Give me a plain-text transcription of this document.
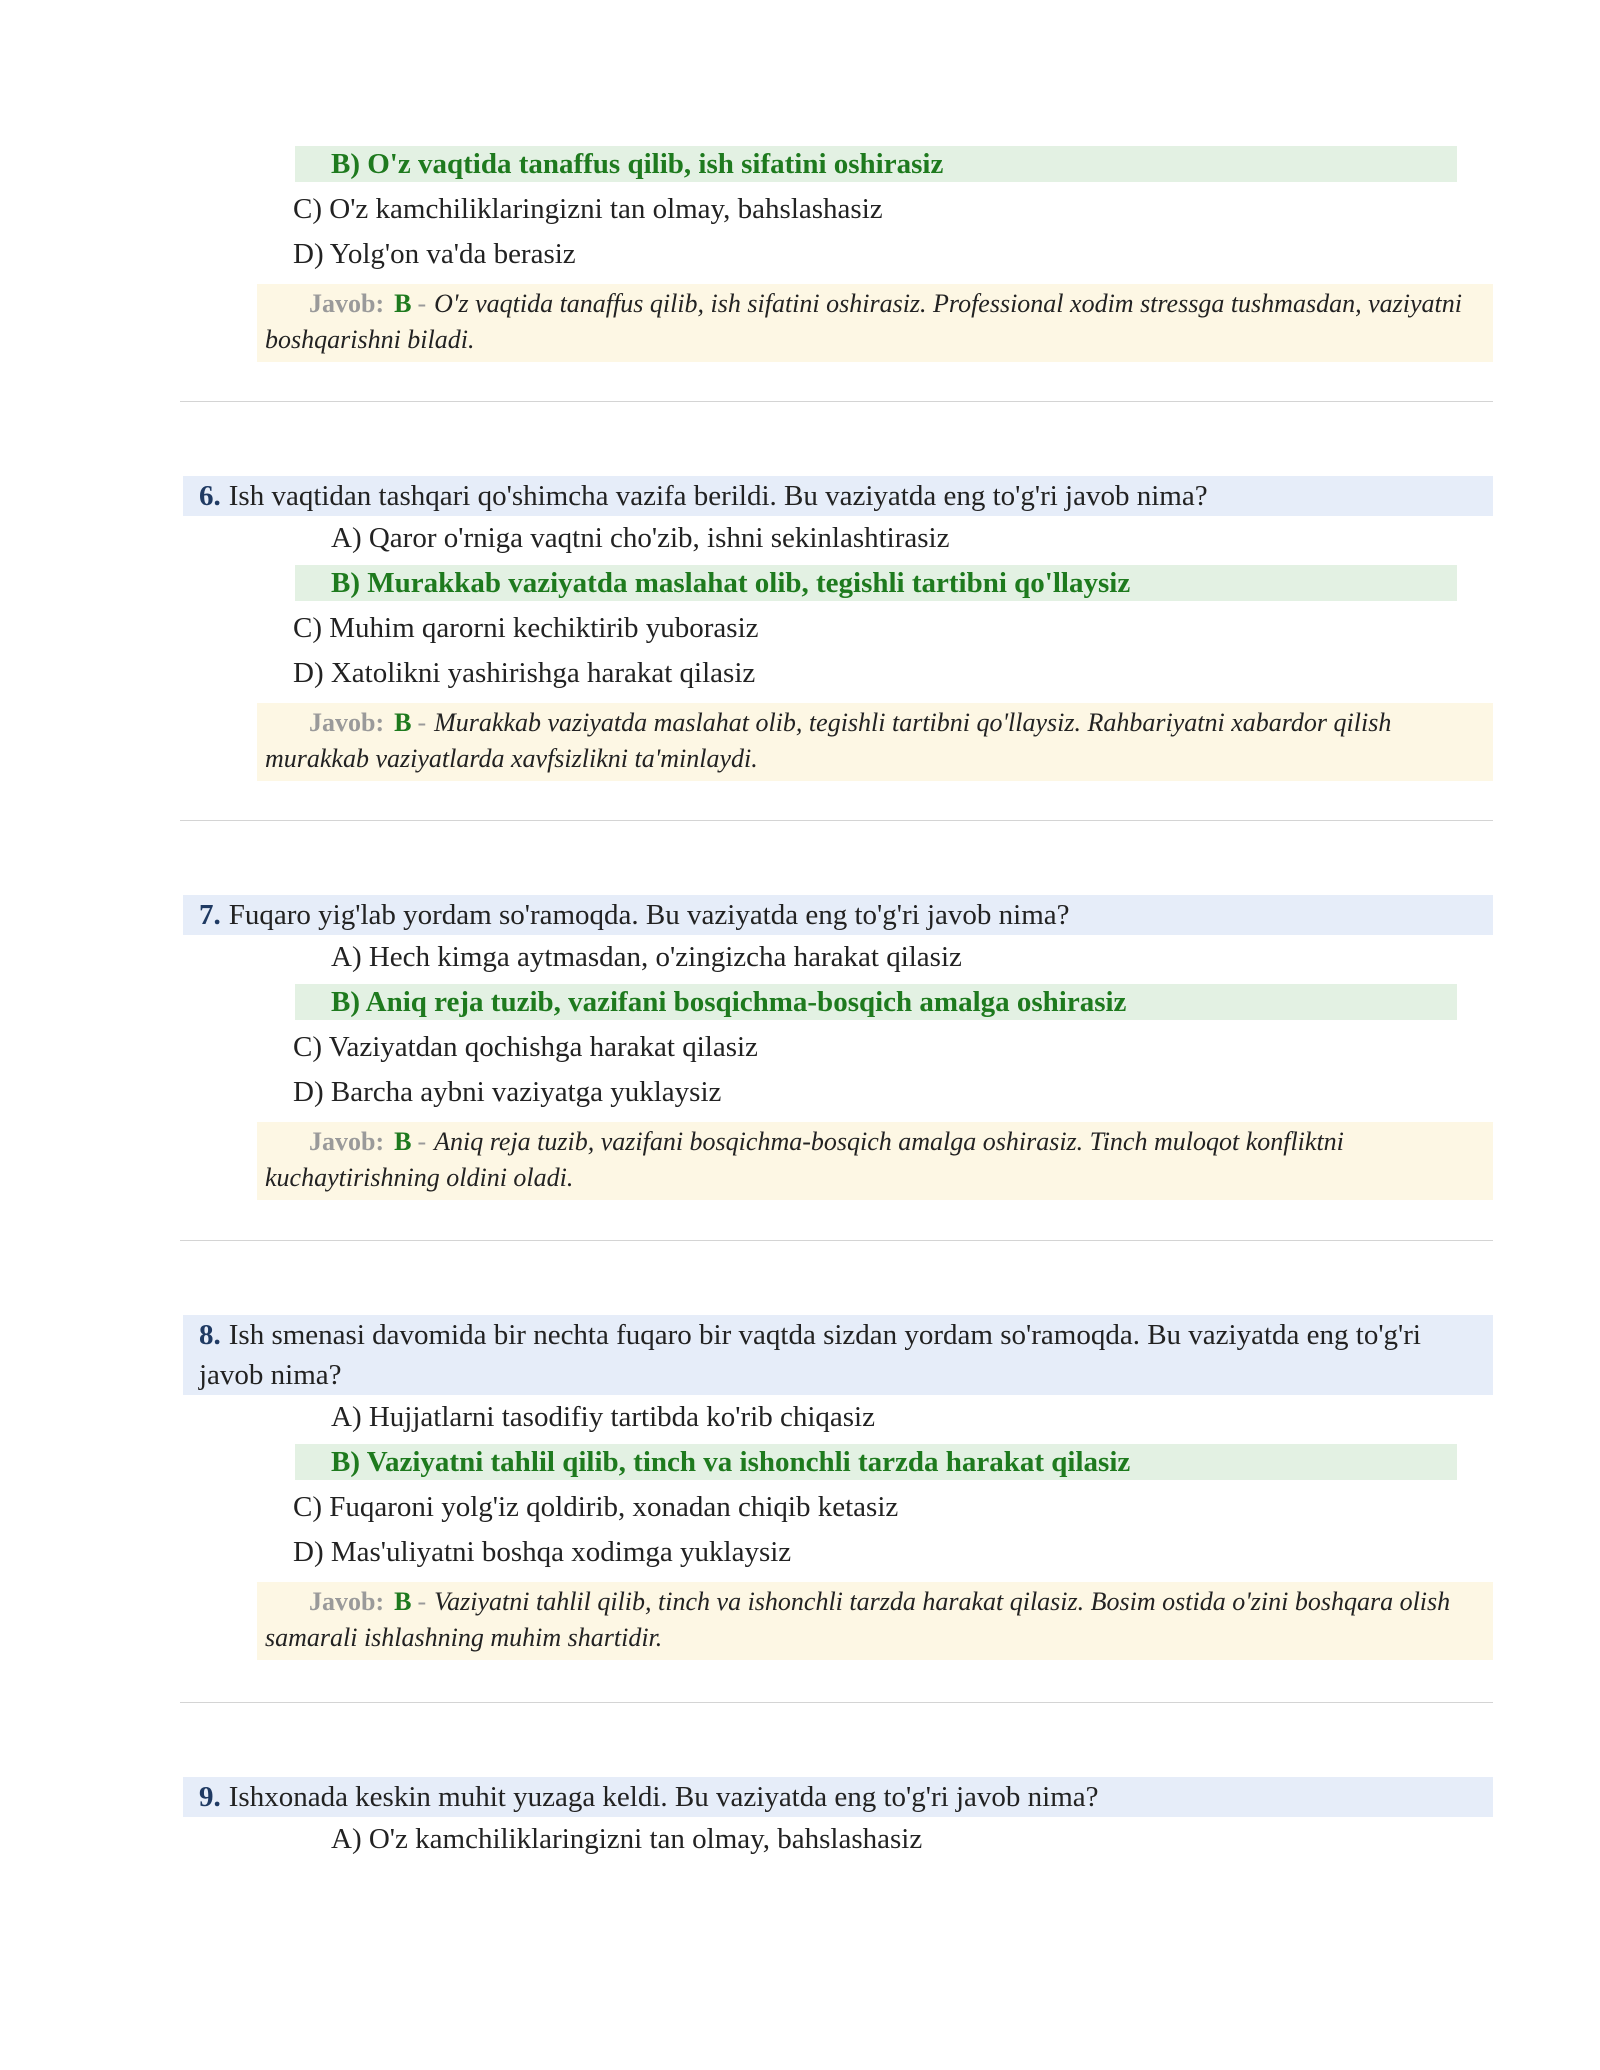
B) O'z vaqtida tanaffus qilib, ish sifatini oshirasiz
C) O'z kamchiliklaringizni tan olmay, bahslashasiz
D) Yolg'on va'da berasiz
Javob: B - O'z vaqtida tanaffus qilib, ish sifatini oshirasiz. Professional xodim stressga tushmasdan, vaziyatni boshqarishni biladi.
6. Ish vaqtidan tashqari qo'shimcha vazifa berildi. Bu vaziyatda eng to'g'ri javob nima?
A) Qaror o'rniga vaqtni cho'zib, ishni sekinlashtirasiz
B) Murakkab vaziyatda maslahat olib, tegishli tartibni qo'llaysiz
C) Muhim qarorni kechiktirib yuborasiz
D) Xatolikni yashirishga harakat qilasiz
Javob: B - Murakkab vaziyatda maslahat olib, tegishli tartibni qo'llaysiz. Rahbariyatni xabardor qilish murakkab vaziyatlarda xavfsizlikni ta'minlaydi.
7. Fuqaro yig'lab yordam so'ramoqda. Bu vaziyatda eng to'g'ri javob nima?
A) Hech kimga aytmasdan, o'zingizcha harakat qilasiz
B) Aniq reja tuzib, vazifani bosqichma-bosqich amalga oshirasiz
C) Vaziyatdan qochishga harakat qilasiz
D) Barcha aybni vaziyatga yuklaysiz
Javob: B - Aniq reja tuzib, vazifani bosqichma-bosqich amalga oshirasiz. Tinch muloqot konfliktni kuchaytirishning oldini oladi.
8. Ish smenasi davomida bir nechta fuqaro bir vaqtda sizdan yordam so'ramoqda. Bu vaziyatda eng to'g'ri javob nima?
A) Hujjatlarni tasodifiy tartibda ko'rib chiqasiz
B) Vaziyatni tahlil qilib, tinch va ishonchli tarzda harakat qilasiz
C) Fuqaroni yolg'iz qoldirib, xonadan chiqib ketasiz
D) Mas'uliyatni boshqa xodimga yuklaysiz
Javob: B - Vaziyatni tahlil qilib, tinch va ishonchli tarzda harakat qilasiz. Bosim ostida o'zini boshqara olish samarali ishlashning muhim shartidir.
9. Ishxonada keskin muhit yuzaga keldi. Bu vaziyatda eng to'g'ri javob nima?
A) O'z kamchiliklaringizni tan olmay, bahslashasiz
